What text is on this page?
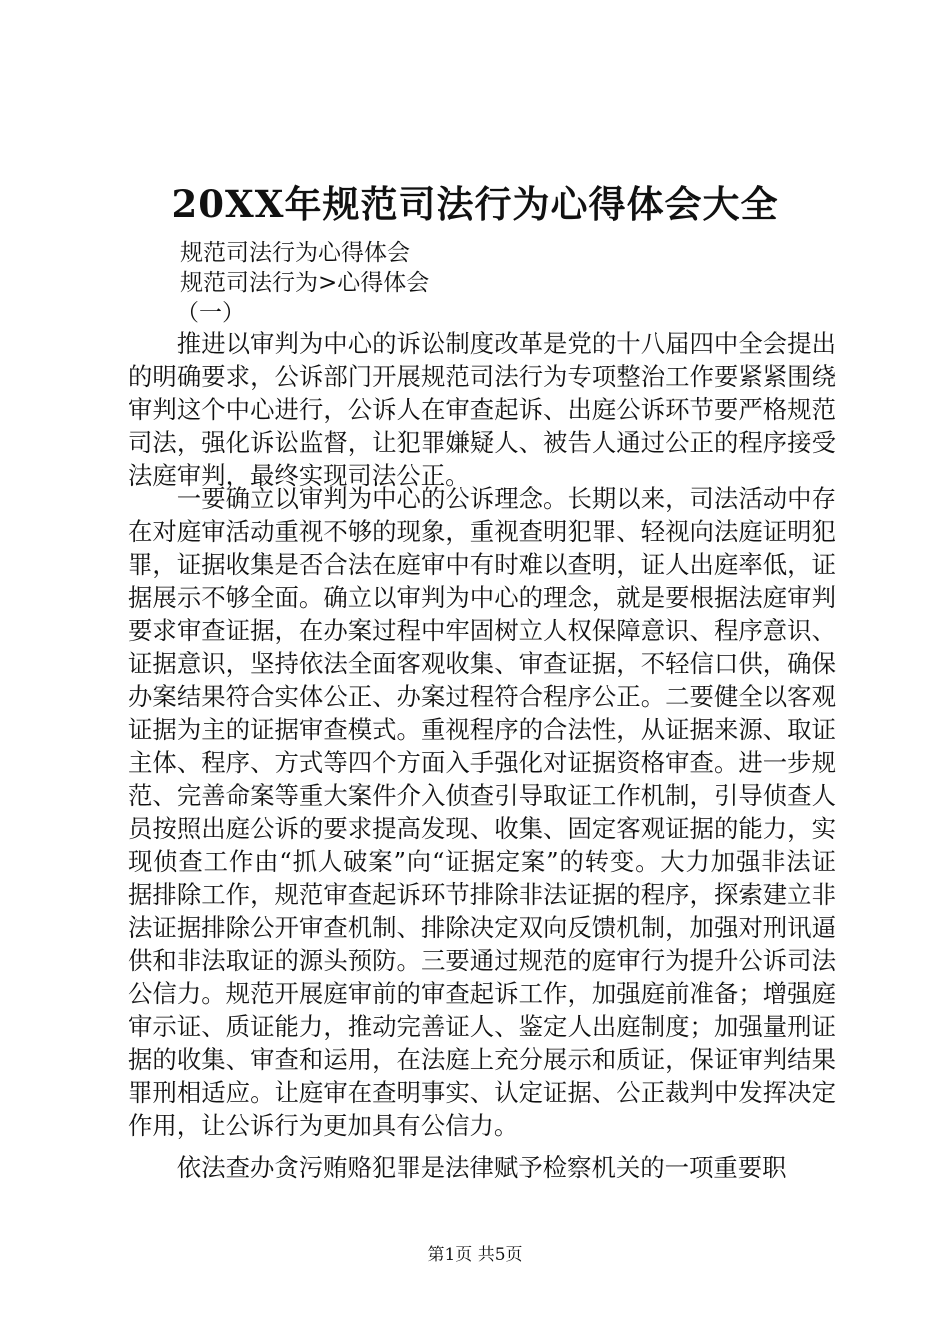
20XX年规范司法行为心得体会大全
规范司法行为心得体会
规范司法行为>心得体会
（一）

推进以审判为中心的诉讼制度改革是党的十八届四中全会提出的明确要求，公诉部门开展规范司法行为专项整治工作要紧紧围绕审判这个中心进行，公诉人在审查起诉、出庭公诉环节要严格规范司法，强化诉讼监督，让犯罪嫌疑人、被告人通过公正的程序接受法庭审判，最终实现司法公正。

一要确立以审判为中心的公诉理念。长期以来，司法活动中存在对庭审活动重视不够的现象，重视查明犯罪、轻视向法庭证明犯罪，证据收集是否合法在庭审中有时难以查明，证人出庭率低，证据展示不够全面。确立以审判为中心的理念，就是要根据法庭审判要求审查证据，在办案过程中牢固树立人权保障意识、程序意识、证据意识，坚持依法全面客观收集、审查证据，不轻信口供，确保办案结果符合实体公正、办案过程符合程序公正。二要健全以客观证据为主的证据审查模式。重视程序的合法性，从证据来源、取证主体、程序、方式等四个方面入手强化对证据资格审查。进一步规范、完善命案等重大案件介入侦查引导取证工作机制，引导侦查人员按照出庭公诉的要求提高发现、收集、固定客观证据的能力，实现侦查工作由“抓人破案”向“证据定案”的转变。大力加强非法证据排除工作，规范审查起诉环节排除非法证据的程序，探索建立非法证据排除公开审查机制、排除决定双向反馈机制，加强对刑讯逼供和非法取证的源头预防。三要通过规范的庭审行为提升公诉司法公信力。规范开展庭审前的审查起诉工作，加强庭前准备；增强庭审示证、质证能力，推动完善证人、鉴定人出庭制度；加强量刑证据的收集、审查和运用，在法庭上充分展示和质证，保证审判结果罪刑相适应。让庭审在查明事实、认定证据、公正裁判中发挥决定作用，让公诉行为更加具有公信力。

依法查办贪污贿赂犯罪是法律赋予检察机关的一项重要职

第1页 共5页
